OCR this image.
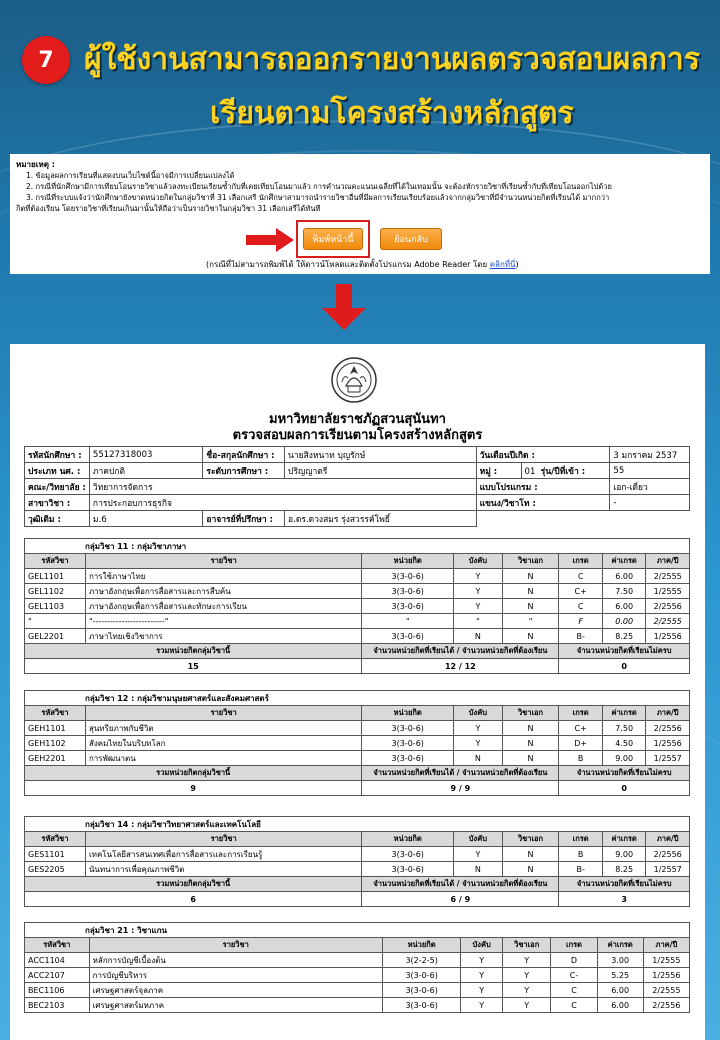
7	ผู้ใช้งานสามารถออกรายงานผลตรวจสอบผลการ
เรียนตามโครงสร้างหลักสูตร
หมายเหตุ :
1. ข้อมูลผลการเรียนที่แสดงบนเว็บไซต์นี้อาจมีการเปลี่ยนแปลงได้
2. กรณีที่นักศึกษามีการเทียบโอนรายวิชาแล้วลงทะเบียนเรียนซ้ำกับที่เคยเทียบโอนมาแล้ว การคำนวณคะแนนเฉลี่ยที่ได้ในเทอมนั้น จะต้องหักรายวิชาที่เรียนซ้ำกับที่เทียบโอนออกไปด้วย
3. กรณีที่ระบบแจ้งว่านักศึกษายังขาดหน่วยกิตในกลุ่มวิชาที่ 31 เลือกเสรี นักศึกษาสามารถนำรายวิชาอื่นที่มีผลการเรียนเรียบร้อยแล้วจากกลุ่มวิชาที่มีจำนวนหน่วยกิตที่เรียนได้ มากกว่า
กิตที่ต้องเรียน โดยรายวิชาที่เรียนเกินมานั้นให้ถือว่าเป็นรายวิชาในกลุ่มวิชา 31 เลือกเสรีได้ทันที
พิมพ์หน้านี้	ย้อนกลับ
(กรณีที่ไม่สามารถพิมพ์ได้ ให้ดาวน์โหลดและติดตั้งโปรแกรม Adobe Reader โดย คลิกที่นี่)
มหาวิทยาลัยราชภัฏสวนสุนันทา
ตรวจสอบผลการเรียนตามโครงสร้างหลักสูตร
รหัสนักศึกษา :	55127318003	ชื่อ-สกุลนักศึกษา :	นายสิงหนาท บุญรักษ์	วันเดือนปีเกิด :		3 มกราคม 2537
ประเภท นศ. :	ภาคปกติ	ระดับการศึกษา :	ปริญญาตรี	หมู่ :	01 รุ่น/ปีที่เข้า :	55
คณะ/วิทยาลัย :	วิทยาการจัดการ			แบบโปรแกรม :		เอก-เดี่ยว
สาขาวิชา :	การประกอบการธุรกิจ			แขนง/วิชาโท :		-
วุฒิเดิม :	ม.6	อาจารย์ที่ปรึกษา :	อ.ดร.ดวงสมร รุ่งสวรรค์โพธิ์			
กลุ่มวิชา 11 : กลุ่มวิชาภาษา							
รหัสวิชา	รายวิชา	หน่วยกิต	บังคับ	วิชาเอก	เกรด	ค่าเกรด	ภาค/ปี
GEL1101	การใช้ภาษาไทย	3(3-0-6)	Y	N	C	6.00	2/2555
GEL1102	ภาษาอังกฤษเพื่อการสื่อสารและการสืบค้น	3(3-0-6)	Y	N	C+	7.50	1/2555
GEL1103	ภาษาอังกฤษเพื่อการสื่อสารและทักษะการเรียน	3(3-0-6)	Y	N	C	6.00	2/2556
"	"-------------------------"	"	"	"	F	0.00	2/2555
GEL2201	ภาษาไทยเชิงวิชาการ	3(3-0-6)	N	N	B-	8.25	1/2556
รวมหน่วยกิตกลุ่มวิชานี้		จำนวนหน่วยกิตที่เรียนได้ / จำนวนหน่วยกิตที่ต้องเรียน			จำนวนหน่วยกิตที่เรียนไม่ครบ		
15		12 / 12			0		
กลุ่มวิชา 12 : กลุ่มวิชามนุษยศาสตร์และสังคมศาสตร์							
รหัสวิชา	รายวิชา	หน่วยกิต	บังคับ	วิชาเอก	เกรด	ค่าเกรด	ภาค/ปี
GEH1101	สุนทรียภาพกับชีวิต	3(3-0-6)	Y	N	C+	7.50	2/2556
GEH1102	สังคมไทยในบริบทโลก	3(3-0-6)	Y	N	D+	4.50	1/2556
GEH2201	การพัฒนาตน	3(3-0-6)	N	N	B	9.00	1/2557
รวมหน่วยกิตกลุ่มวิชานี้		จำนวนหน่วยกิตที่เรียนได้ / จำนวนหน่วยกิตที่ต้องเรียน			จำนวนหน่วยกิตที่เรียนไม่ครบ		
9		9 / 9			0		
กลุ่มวิชา 14 : กลุ่มวิชาวิทยาศาสตร์และเทคโนโลยี							
รหัสวิชา	รายวิชา	หน่วยกิต	บังคับ	วิชาเอก	เกรด	ค่าเกรด	ภาค/ปี
GES1101	เทคโนโลยีสารสนเทศเพื่อการสื่อสารและการเรียนรู้	3(3-0-6)	Y	N	B	9.00	2/2556
GES2205	นันทนาการเพื่อคุณภาพชีวิต	3(3-0-6)	N	N	B-	8.25	1/2557
รวมหน่วยกิตกลุ่มวิชานี้		จำนวนหน่วยกิตที่เรียนได้ / จำนวนหน่วยกิตที่ต้องเรียน			จำนวนหน่วยกิตที่เรียนไม่ครบ		
6		6 / 9			3		
กลุ่มวิชา 21 : วิชาแกน							
รหัสวิชา	รายวิชา	หน่วยกิต	บังคับ	วิชาเอก	เกรด	ค่าเกรด	ภาค/ปี
ACC1104	หลักการบัญชีเบื้องต้น	3(2-2-5)	Y	Y	D	3.00	1/2555
ACC2107	การบัญชีบริหาร	3(3-0-6)	Y	Y	C-	5.25	1/2556
BEC1106	เศรษฐศาสตร์จุลภาค	3(3-0-6)	Y	Y	C	6.00	2/2555
BEC2103	เศรษฐศาสตร์มหภาค	3(3-0-6)	Y	Y	C	6.00	2/2556
